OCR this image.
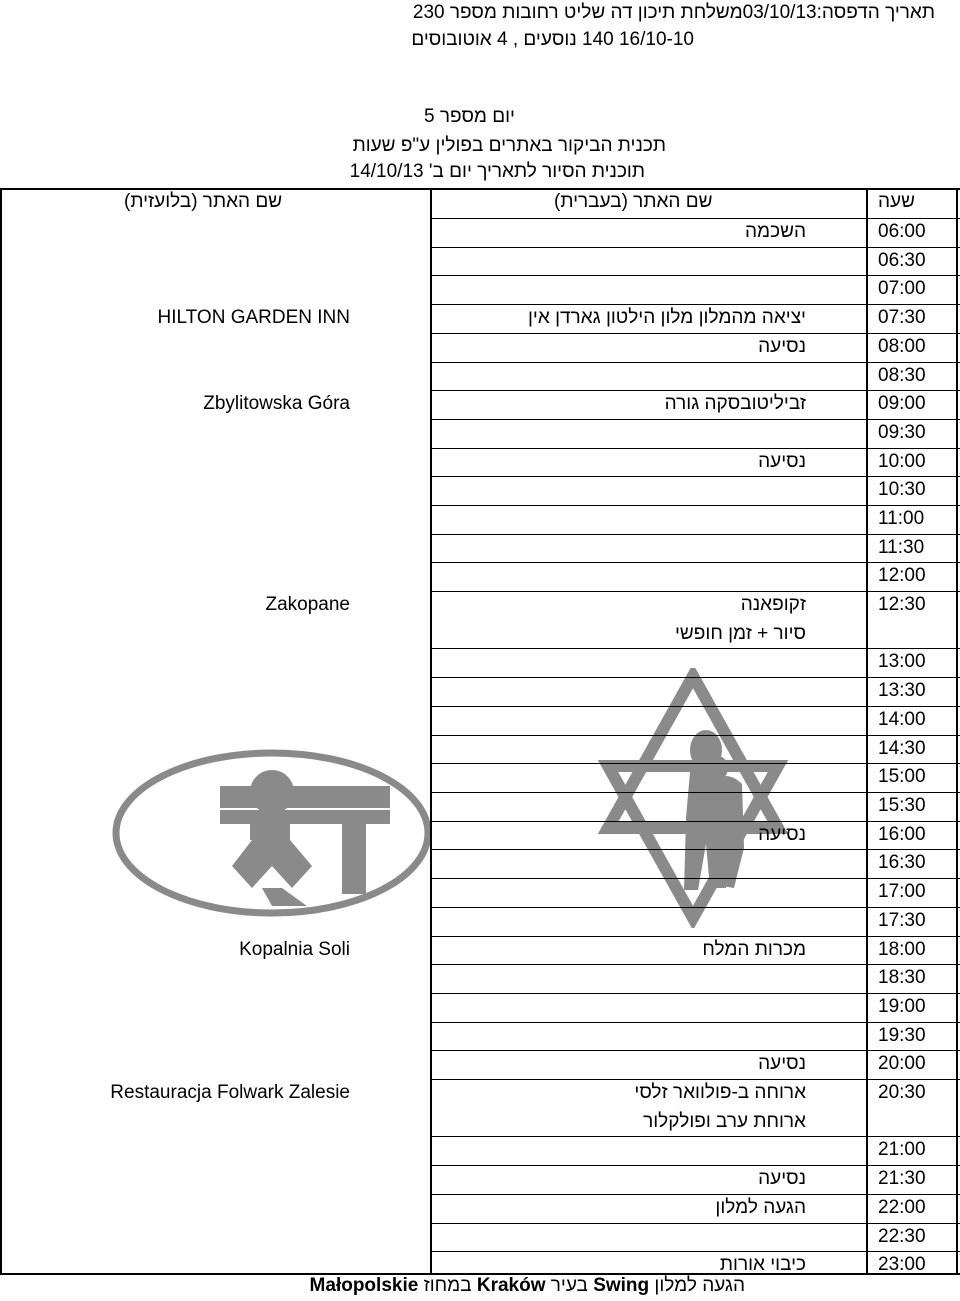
תאריך הדפסה:03/10/13משלחת תיכון דה שליט רחובות מספר 230
16/10-10 140 נוסעים , 4 אוטובוסים
יום מספר 5
תכנית הביקור באתרים בפולין ע"פ שעות
תוכנית הסיור לתאריך יום ב' 14/10/13
שעה
שם האתר (בעברית)
שם האתר (בלועזית)
06:00
השכמה
06:30
07:00
07:30
יציאה מהמלון מלון הילטון גארדן אין
HILTON GARDEN INN
08:00
נסיעה
08:30
09:00
זביליטובסקה גורה
Zbylitowska Góra
09:30
10:00
נסיעה
10:30
11:00
11:30
12:00
12:30
זקופאנה
סיור + זמן חופשי
Zakopane
13:00
13:30
14:00
14:30
15:00
15:30
16:00
נסיעה
16:30
17:00
17:30
18:00
מכרות המלח
Kopalnia Soli
18:30
19:00
19:30
20:00
נסיעה
20:30
ארוחה ב-פולוואר זלסי
ארוחת ערב ופולקלור
Restauracja Folwark Zalesie
21:00
21:30
נסיעה
22:00
הגעה למלון
22:30
23:00
כיבוי אורות
הגעה למלון Swing בעיר Kraków במחוז Małopolskie
